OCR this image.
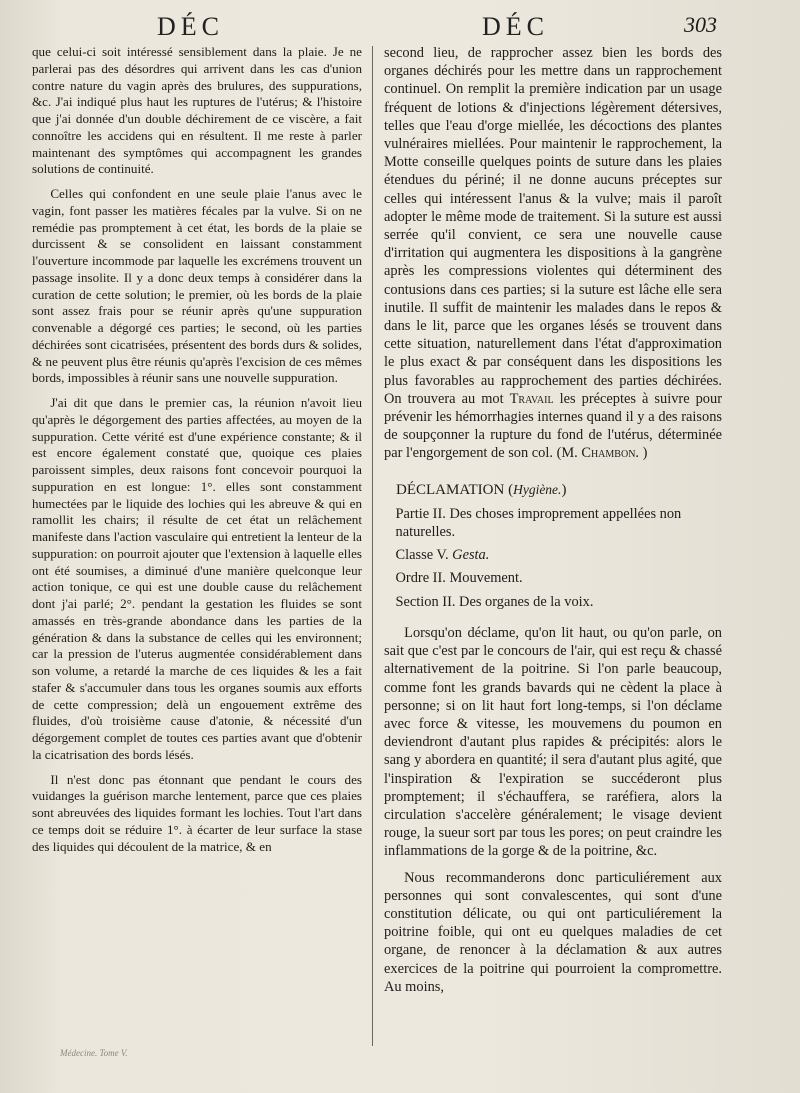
DÉC	DÉC	303

que celui-ci soit intéressé sensiblement dans la plaie. Je ne parlerai pas des désordres qui arrivent dans les cas d'union contre nature du vagin après des brulures, des suppurations, &c. J'ai indiqué plus haut les ruptures de l'utérus; & l'histoire que j'ai donnée d'un double déchirement de ce viscère, a fait connoître les accidens qui en résultent. Il me reste à parler maintenant des symptômes qui accompagnent les grandes solutions de continuité.

Celles qui confondent en une seule plaie l'anus avec le vagin, font passer les matières fécales par la vulve. Si on ne remédie pas promptement à cet état, les bords de la plaie se durcissent & se consolident en laissant constamment l'ouverture incommode par laquelle les excrémens trouvent un passage insolite. Il y a donc deux temps à considérer dans la curation de cette solution; le premier, où les bords de la plaie sont assez frais pour se réunir après qu'une suppuration convenable a dégorgé ces parties; le second, où les parties déchirées sont cicatrisées, présentent des bords durs & solides, & ne peuvent plus être réunis qu'après l'excision de ces mêmes bords, impossibles à réunir sans une nouvelle suppuration.

J'ai dit que dans le premier cas, la réunion n'avoit lieu qu'après le dégorgement des parties affectées, au moyen de la suppuration. Cette vérité est d'une expérience constante; & il est encore également constaté que, quoique ces plaies paroissent simples, deux raisons font concevoir pourquoi la suppuration en est longue: 1°. elles sont constamment humectées par le liquide des lochies qui les abreuve & qui en ramollit les chairs; il résulte de cet état un relâchement manifeste dans l'action vasculaire qui entretient la lenteur de la suppuration: on pourroit ajouter que l'extension à laquelle elles ont été soumises, a diminué d'une manière quelconque leur action tonique, ce qui est une double cause du relâchement dont j'ai parlé; 2°. pendant la gestation les fluides se sont amassés en très-grande abondance dans les parties de la génération & dans la substance de celles qui les environnent; car la pression de l'uterus augmentée considérablement dans son volume, a retardé la marche de ces liquides & les a fait stafer & s'accumuler dans tous les organes soumis aux efforts de cette compression; delà un engouement extrême des fluides, d'où troisième cause d'atonie, & nécessité d'un dégorgement complet de toutes ces parties avant que d'obtenir la cicatrisation des bords lésés.

Il n'est donc pas étonnant que pendant le cours des vuidanges la guérison marche lentement, parce que ces plaies sont abreuvées des liquides formant les lochies. Tout l'art dans ce temps doit se réduire 1°. à écarter de leur surface la stase des liquides qui découlent de la matrice, & en

second lieu, de rapprocher assez bien les bords des organes déchirés pour les mettre dans un rapprochement continuel. On remplit la première indication par un usage fréquent de lotions & d'injections légèrement détersives, telles que l'eau d'orge miellée, les décoctions des plantes vulnéraires miellées. Pour maintenir le rapprochement, la Motte conseille quelques points de suture dans les plaies étendues du périné; il ne donne aucuns préceptes sur celles qui intéressent l'anus & la vulve; mais il paroît adopter le même mode de traitement. Si la suture est aussi serrée qu'il convient, ce sera une nouvelle cause d'irritation qui augmentera les dispositions à la gangrène après les compressions violentes qui déterminent des contusions dans ces parties; si la suture est lâche elle sera inutile. Il suffit de maintenir les malades dans le repos & dans le lit, parce que les organes lésés se trouvent dans cette situation, naturellement dans l'état d'approximation le plus exact & par conséquent dans les dispositions les plus favorables au rapprochement des parties déchirées. On trouvera au mot Travail les préceptes à suivre pour prévenir les hémorrhagies internes quand il y a des raisons de soupçonner la rupture du fond de l'utérus, déterminée par l'engorgement de son col. (M. Chambon. )

DÉCLAMATION (Hygiène.)
Partie II. Des choses improprement appellées non naturelles.
Classe V. Gesta.
Ordre II. Mouvement.
Section II. Des organes de la voix.

Lorsqu'on déclame, qu'on lit haut, ou qu'on parle, on sait que c'est par le concours de l'air, qui est reçu & chassé alternativement de la poitrine. Si l'on parle beaucoup, comme font les grands bavards qui ne cèdent la place à personne; si on lit haut fort long-temps, si l'on déclame avec force & vitesse, les mouvemens du poumon en deviendront d'autant plus rapides & précipités: alors le sang y abordera en quantité; il sera d'autant plus agité, que l'inspiration & l'expiration se succéderont plus promptement; il s'échauffera, se raréfiera, alors la circulation s'accelère généralement; le visage devient rouge, la sueur sort par tous les pores; on peut craindre les inflammations de la gorge & de la poitrine, &c.

Nous recommanderons donc particuliérement aux personnes qui sont convalescentes, qui sont d'une constitution délicate, ou qui ont particuliérement la poitrine foible, qui ont eu quelques maladies de cet organe, de renoncer à la déclamation & aux autres exercices de la poitrine qui pourroient la compromettre. Au moins,

Médecine. Tome V.
